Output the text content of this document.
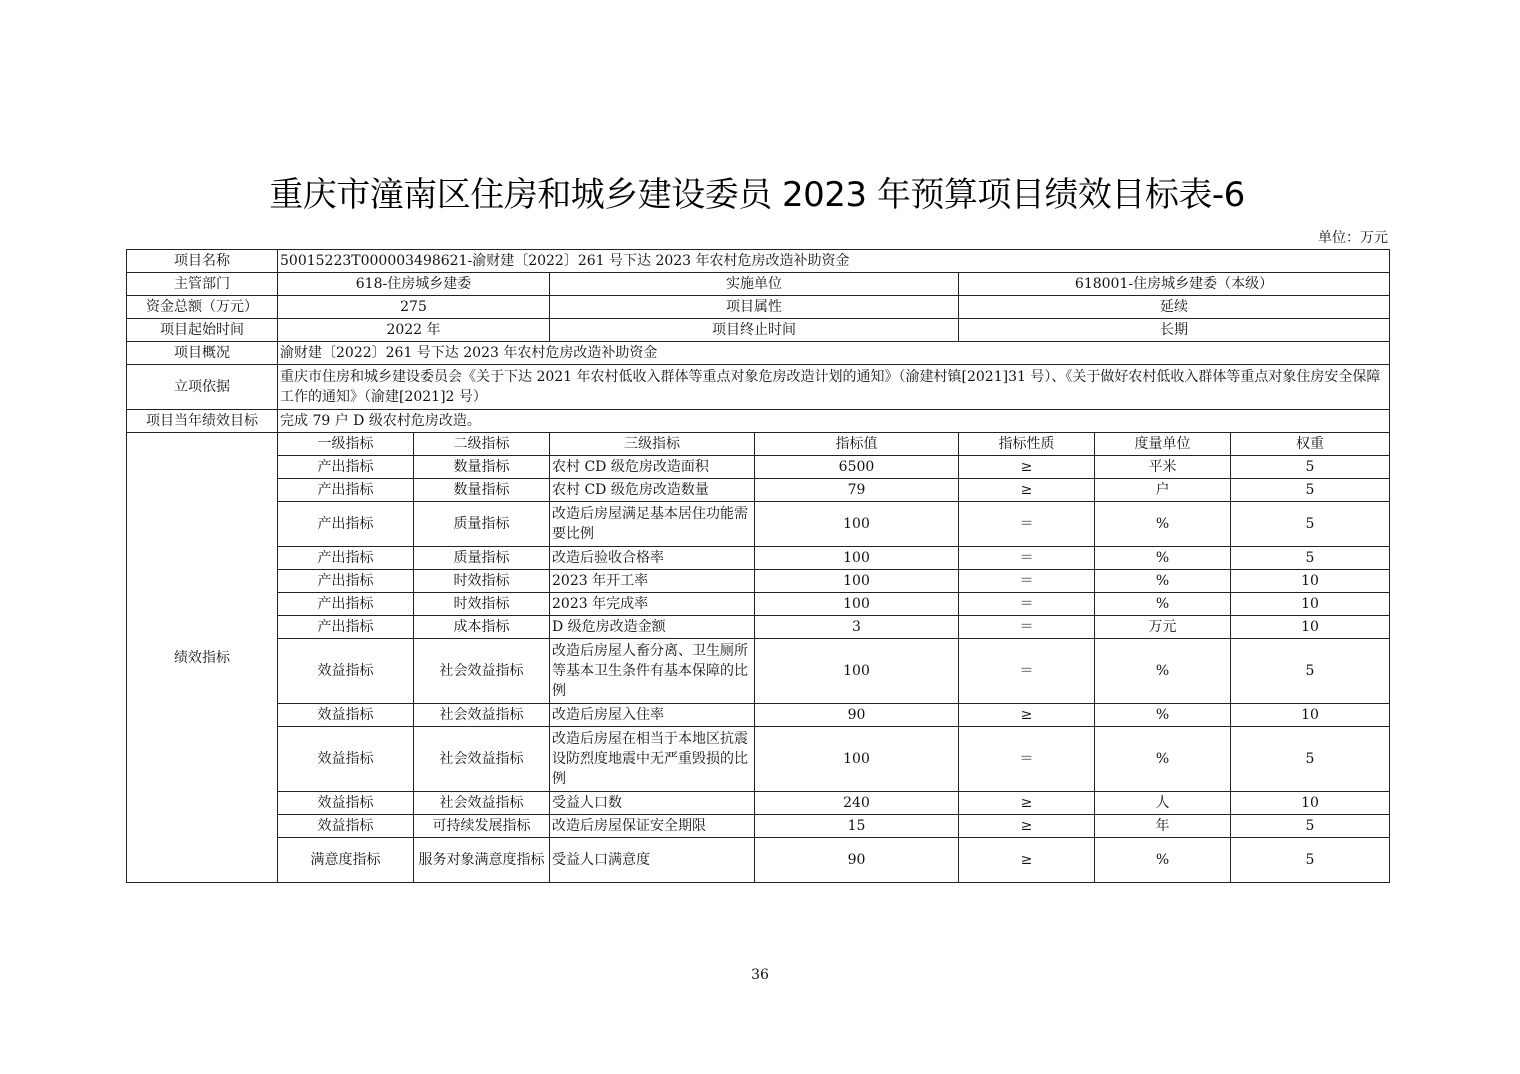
重庆市潼南区住房和城乡建设委员 2023 年预算项目绩效目标表-6
单位：万元
项目名称	50015223T000003498621-渝财建〔2022〕261 号下达 2023 年农村危房改造补助资金						
主管部门	618-住房城乡建委		实施单位		618001-住房城乡建委（本级）		
资金总额（万元）	275		项目属性		延续		
项目起始时间	2022 年		项目终止时间		长期		
项目概况	渝财建〔2022〕261 号下达 2023 年农村危房改造补助资金						
立项依据	重庆市住房和城乡建设委员会《关于下达 2021 年农村低收入群体等重点对象危房改造计划的通知》（渝建村镇[2021]31 号）、《关于做好农村低收入群体等重点对象住房安全保障工作的通知》（渝建[2021]2 号）						
项目当年绩效目标	完成 79 户 D 级农村危房改造。						
绩效指标	一级指标	二级指标	三级指标	指标值	指标性质	度量单位	权重
	产出指标	数量指标	农村 CD 级危房改造面积	6500	≥	平米	5
	产出指标	数量指标	农村 CD 级危房改造数量	79	≥	户	5
	产出指标	质量指标	改造后房屋满足基本居住功能需要比例	100	＝	%	5
	产出指标	质量指标	改造后验收合格率	100	＝	%	5
	产出指标	时效指标	2023 年开工率	100	＝	%	10
	产出指标	时效指标	2023 年完成率	100	＝	%	10
	产出指标	成本指标	D 级危房改造金额	3	＝	万元	10
	效益指标	社会效益指标	改造后房屋人畜分离、卫生厕所等基本卫生条件有基本保障的比例	100	＝	%	5
	效益指标	社会效益指标	改造后房屋入住率	90	≥	%	10
	效益指标	社会效益指标	改造后房屋在相当于本地区抗震设防烈度地震中无严重毁损的比例	100	＝	%	5
	效益指标	社会效益指标	受益人口数	240	≥	人	10
	效益指标	可持续发展指标	改造后房屋保证安全期限	15	≥	年	5
	满意度指标	服务对象满意度指标	受益人口满意度	90	≥	%	5
36
